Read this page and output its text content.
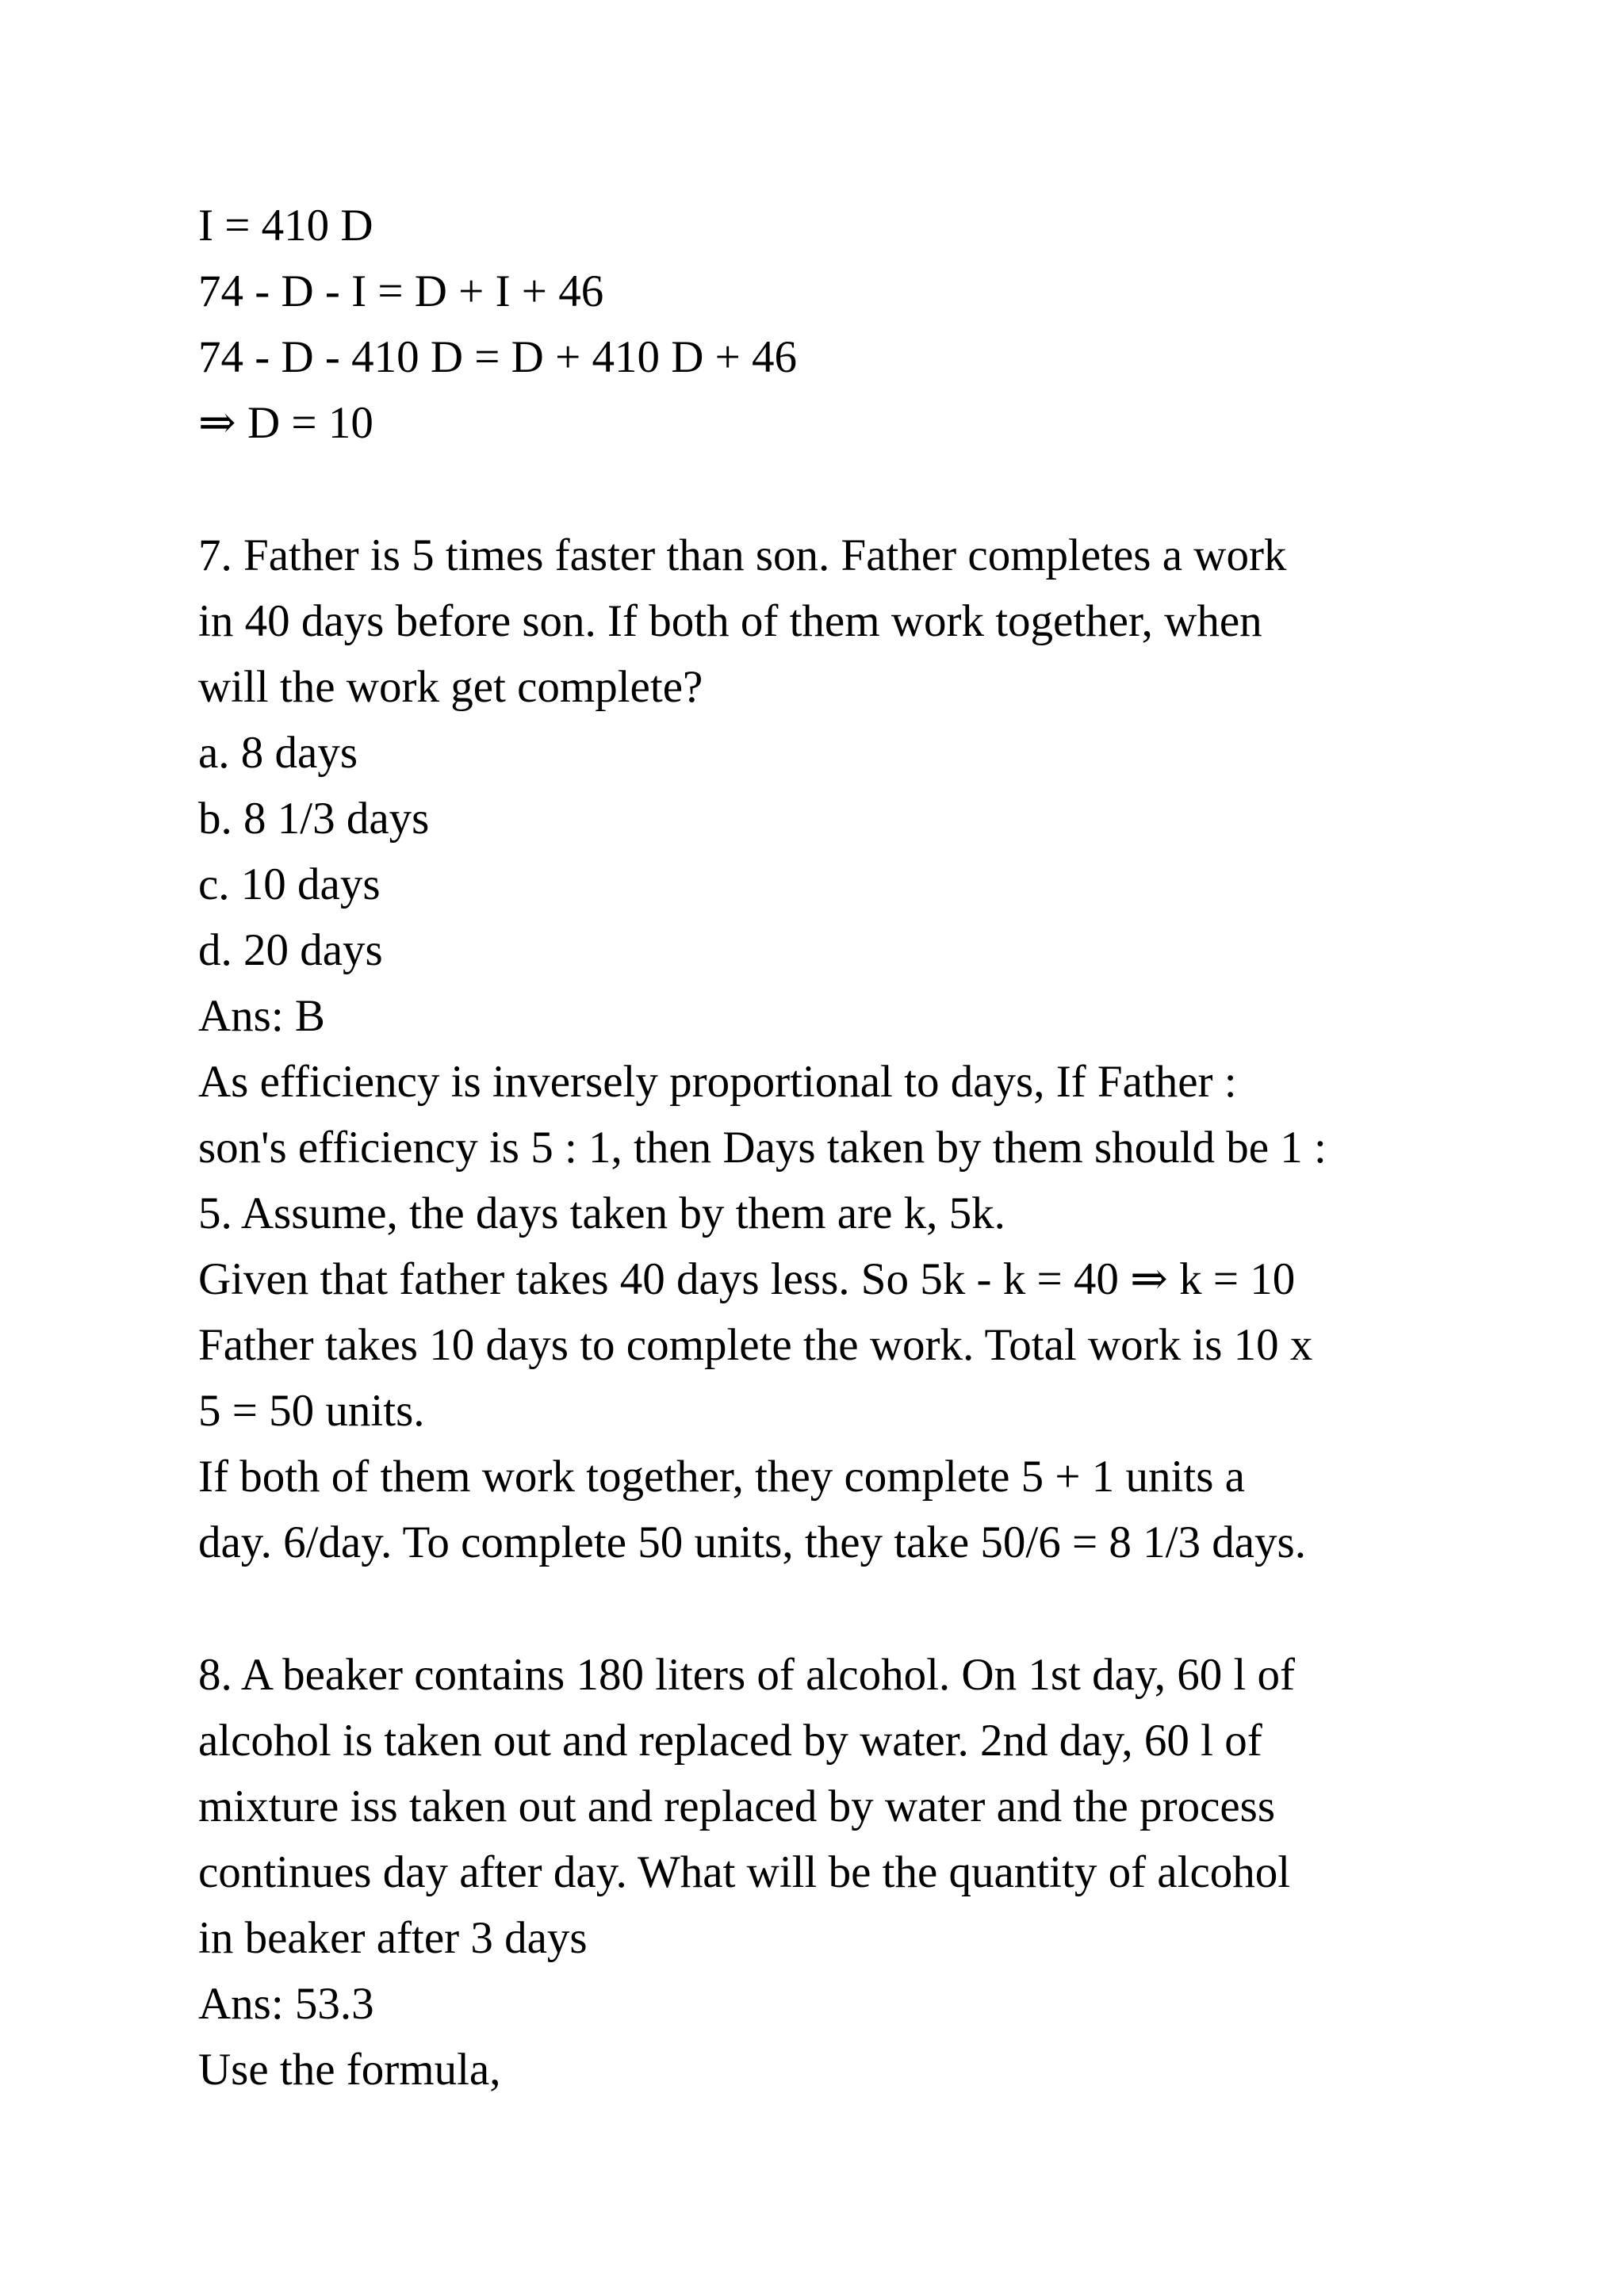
I = 410 D

74 - D - I = D + I + 46

74 - D - 410 D = D + 410 D + 46

⇒ D = 10

7. Father is 5 times faster than son. Father completes a work

in 40 days before son. If both of them work together, when

will the work get complete?

a. 8 days

b. 8 1/3 days

c. 10 days

d. 20 days

Ans: B

As efficiency is inversely proportional to days, If Father :

son's efficiency is 5 : 1, then Days taken by them should be 1 :

5. Assume, the days taken by them are k, 5k.

Given that father takes 40 days less. So 5k - k = 40 ⇒ k = 10

Father takes 10 days to complete the work. Total work is 10 x

5 = 50 units.

If both of them work together, they complete 5 + 1 units a

day. 6/day. To complete 50 units, they take 50/6 = 8 1/3 days.

8. A beaker contains 180 liters of alcohol. On 1st day, 60 l of

alcohol is taken out and replaced by water. 2nd day, 60 l of

mixture iss taken out and replaced by water and the process

continues day after day. What will be the quantity of alcohol

in beaker after 3 days

Ans: 53.3

Use the formula,
